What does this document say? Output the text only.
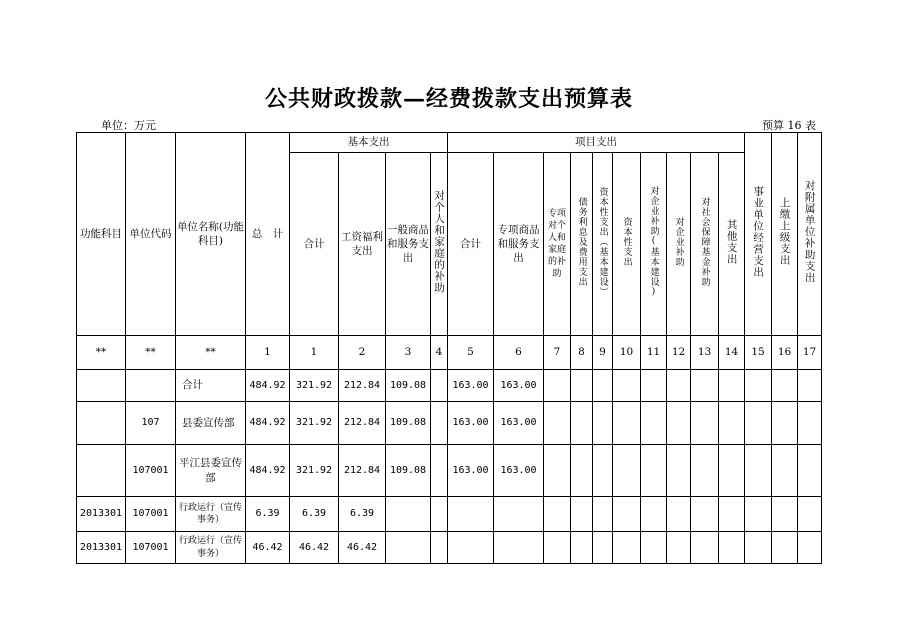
公共财政拨款—经费拨款支出预算表
单位：万元	预算 16 表
功能科目	单位代码	单位名称(功能科目)	总　计	基本支出				项目支出										事业单位经营支出	上缴上级支出	对附属单位补助支出
				合计	工资福利支出	一般商品和服务支出	对个人和家庭的补助	合计	专项商品和服务支出	专项对个人和家庭的补助	债务利息及费用支出	资本性支出（基本建设）	资本性支出	对企业补助(基本建设)	对企业补助	对社会保障基金补助	其他支出			
**	**	**	1	1	2	3	4	5	6	7	8	9	10	11	12	13	14	15	16	17
		合计	484.92	321.92	212.84	109.08		163.00	163.00											
	107	县委宣传部	484.92	321.92	212.84	109.08		163.00	163.00											
	107001	平江县委宣传部	484.92	321.92	212.84	109.08		163.00	163.00											
2013301	107001	行政运行（宣传事务）	6.39	6.39	6.39															
2013301	107001	行政运行（宣传事务）	46.42	46.42	46.42															
